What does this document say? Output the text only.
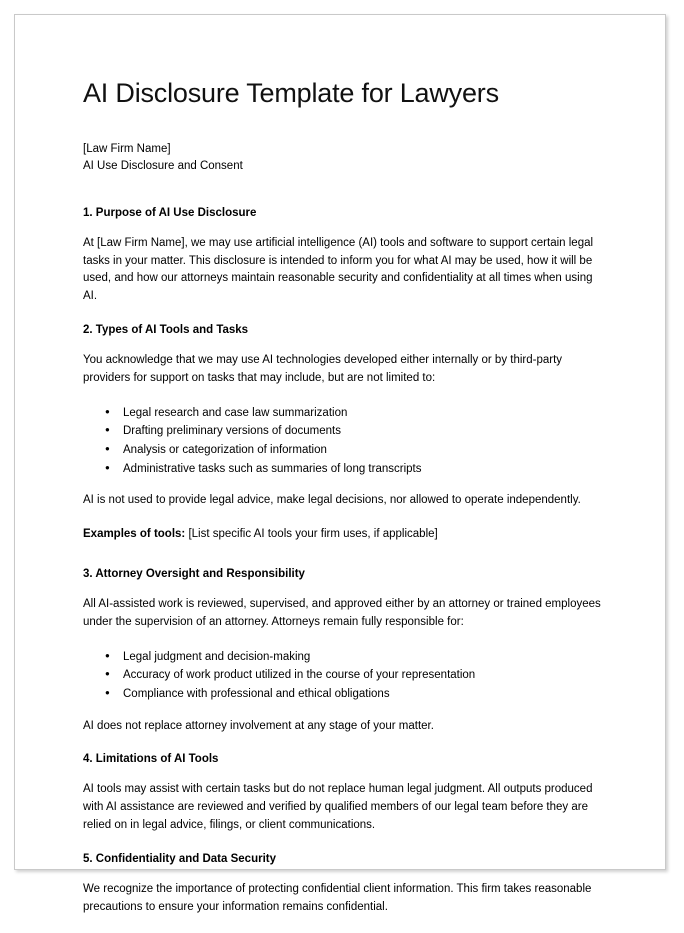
AI Disclosure Template for Lawyers

[Law Firm Name]

AI Use Disclosure and Consent

1. Purpose of AI Use Disclosure

At [Law Firm Name], we may use artificial intelligence (AI) tools and software to support certain legal tasks in your matter. This disclosure is intended to inform you for what AI may be used, how it will be used, and how our attorneys maintain reasonable security and confidentiality at all times when using AI.

2. Types of AI Tools and Tasks

You acknowledge that we may use AI technologies developed either internally or by third-party providers for support on tasks that may include, but are not limited to:

● Legal research and case law summarization
● Drafting preliminary versions of documents
● Analysis or categorization of information
● Administrative tasks such as summaries of long transcripts

AI is not used to provide legal advice, make legal decisions, nor allowed to operate independently.

Examples of tools: [List specific AI tools your firm uses, if applicable]

3. Attorney Oversight and Responsibility

All AI-assisted work is reviewed, supervised, and approved either by an attorney or trained employees under the supervision of an attorney. Attorneys remain fully responsible for:

● Legal judgment and decision-making
● Accuracy of work product utilized in the course of your representation
● Compliance with professional and ethical obligations

AI does not replace attorney involvement at any stage of your matter.

4. Limitations of AI Tools

AI tools may assist with certain tasks but do not replace human legal judgment. All outputs produced with AI assistance are reviewed and verified by qualified members of our legal team before they are relied on in legal advice, filings, or client communications.

5. Confidentiality and Data Security

We recognize the importance of protecting confidential client information. This firm takes reasonable precautions to ensure your information remains confidential.
